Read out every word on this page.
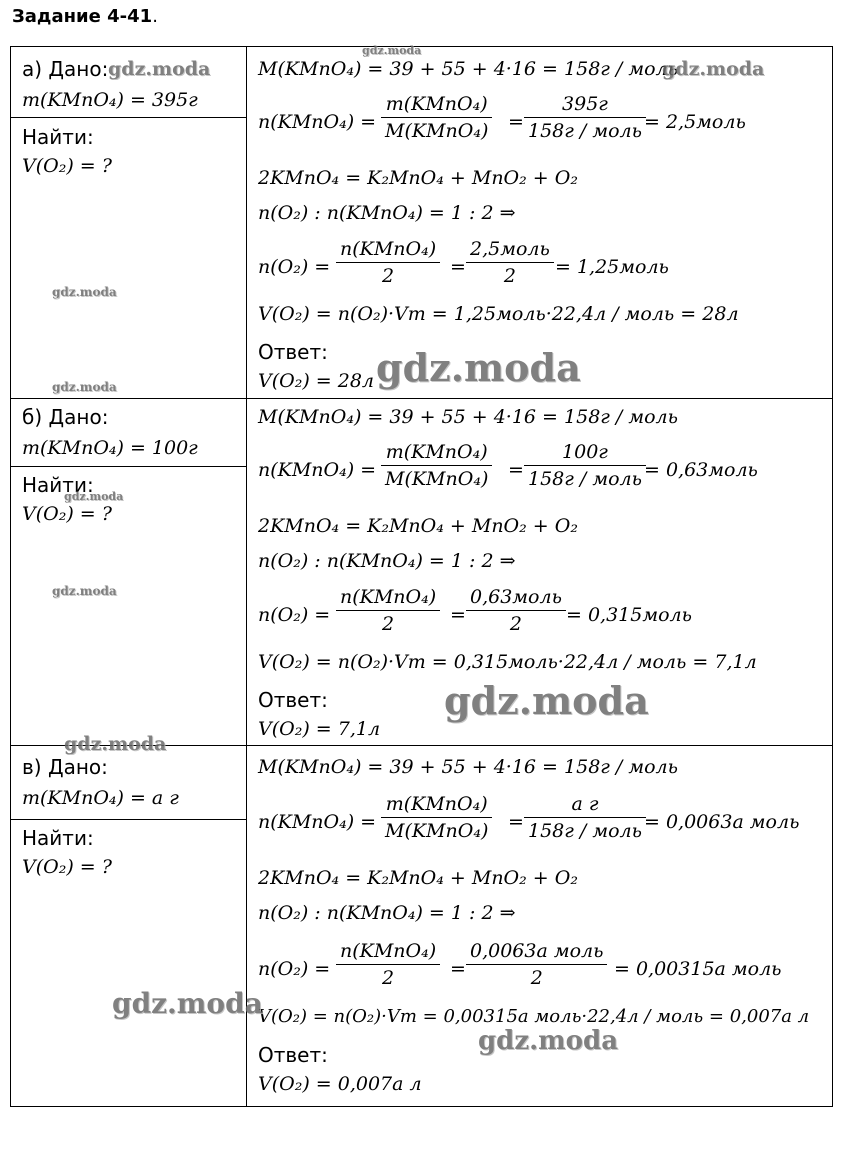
Задание 4-41.
а) Дано:
m(KMnO₄) = 395г
Найти:
V(O₂) = ?
M(KMnO₄) = 39 + 55 + 4·16 = 158г / моль
n(KMnO₄) =
m(KMnO₄)
M(KMnO₄) =
395г
158г / моль = 2,5моль
2KMnO₄ = K₂MnO₄ + MnO₂ + O₂
n(O₂) : n(KMnO₄) = 1 : 2 ⇒
n(O₂) =
n(KMnO₄)
2	=
2,5моль
2	= 1,25моль
V(O₂) = n(O₂)·Vm = 1,25моль·22,4л / моль = 28л
Ответ:
V(O₂) = 28л
б) Дано:
m(KMnO₄) = 100г
Найти:
V(O₂) = ?
M(KMnO₄) = 39 + 55 + 4·16 = 158г / моль
n(KMnO₄) =
m(KMnO₄)
M(KMnO₄) =
100г
158г / моль = 0,63моль
2KMnO₄ = K₂MnO₄ + MnO₂ + O₂
n(O₂) : n(KMnO₄) = 1 : 2 ⇒
n(O₂) =
n(KMnO₄)
2	=
0,63моль
2	= 0,315моль
V(O₂) = n(O₂)·Vm = 0,315моль·22,4л / моль = 7,1л
Ответ:
V(O₂) = 7,1л
в) Дано:
m(KMnO₄) = a г
Найти:
V(O₂) = ?
M(KMnO₄) = 39 + 55 + 4·16 = 158г / моль
n(KMnO₄) =
m(KMnO₄)
M(KMnO₄) =
a г
158г / моль = 0,0063a моль
2KMnO₄ = K₂MnO₄ + MnO₂ + O₂
n(O₂) : n(KMnO₄) = 1 : 2 ⇒
n(O₂) =
n(KMnO₄)
2	=
0,0063a моль
2	= 0,00315a моль
V(O₂) = n(O₂)·Vm = 0,00315a моль·22,4л / моль = 0,007a л
Ответ:
V(O₂) = 0,007a л
gdz.moda
gdz.moda	gdz.moda
gdz.moda
gdz.moda	gdz.moda
gdz.moda
gdz.moda
gdz.moda
gdz.moda
gdz.moda
gdz.moda
